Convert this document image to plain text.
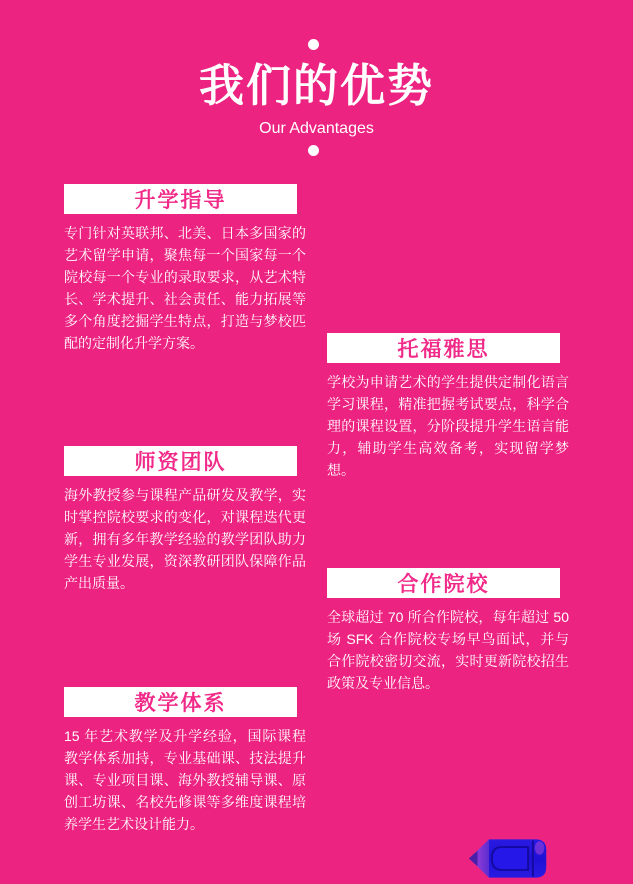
我们的优势
Our Advantages
升学指导
专门针对英联邦、北美、日本多国家的艺术留学申请，聚焦每一个国家每一个院校每一个专业的录取要求，从艺术特长、学术提升、社会责任、能力拓展等多个角度挖掘学生特点，打造与梦校匹配的定制化升学方案。	托福雅思
学校为申请艺术的学生提供定制化语言学习课程，精准把握考试要点，科学合理的课程设置，分阶段提升学生语言能力，辅助学生高效备考，实现留学梦想。
师资团队
海外教授参与课程产品研发及教学，实时掌控院校要求的变化，对课程迭代更新，拥有多年教学经验的教学团队助力学生专业发展，资深教研团队保障作品产出质量。	合作院校
全球超过 70 所合作院校，每年超过 50 场 SFK 合作院校专场早鸟面试，并与合作院校密切交流，实时更新院校招生政策及专业信息。
教学体系
15 年艺术教学及升学经验，国际课程教学体系加持，专业基础课、技法提升课、专业项目课、海外教授辅导课、原创工坊课、名校先修课等多维度课程培养学生艺术设计能力。
